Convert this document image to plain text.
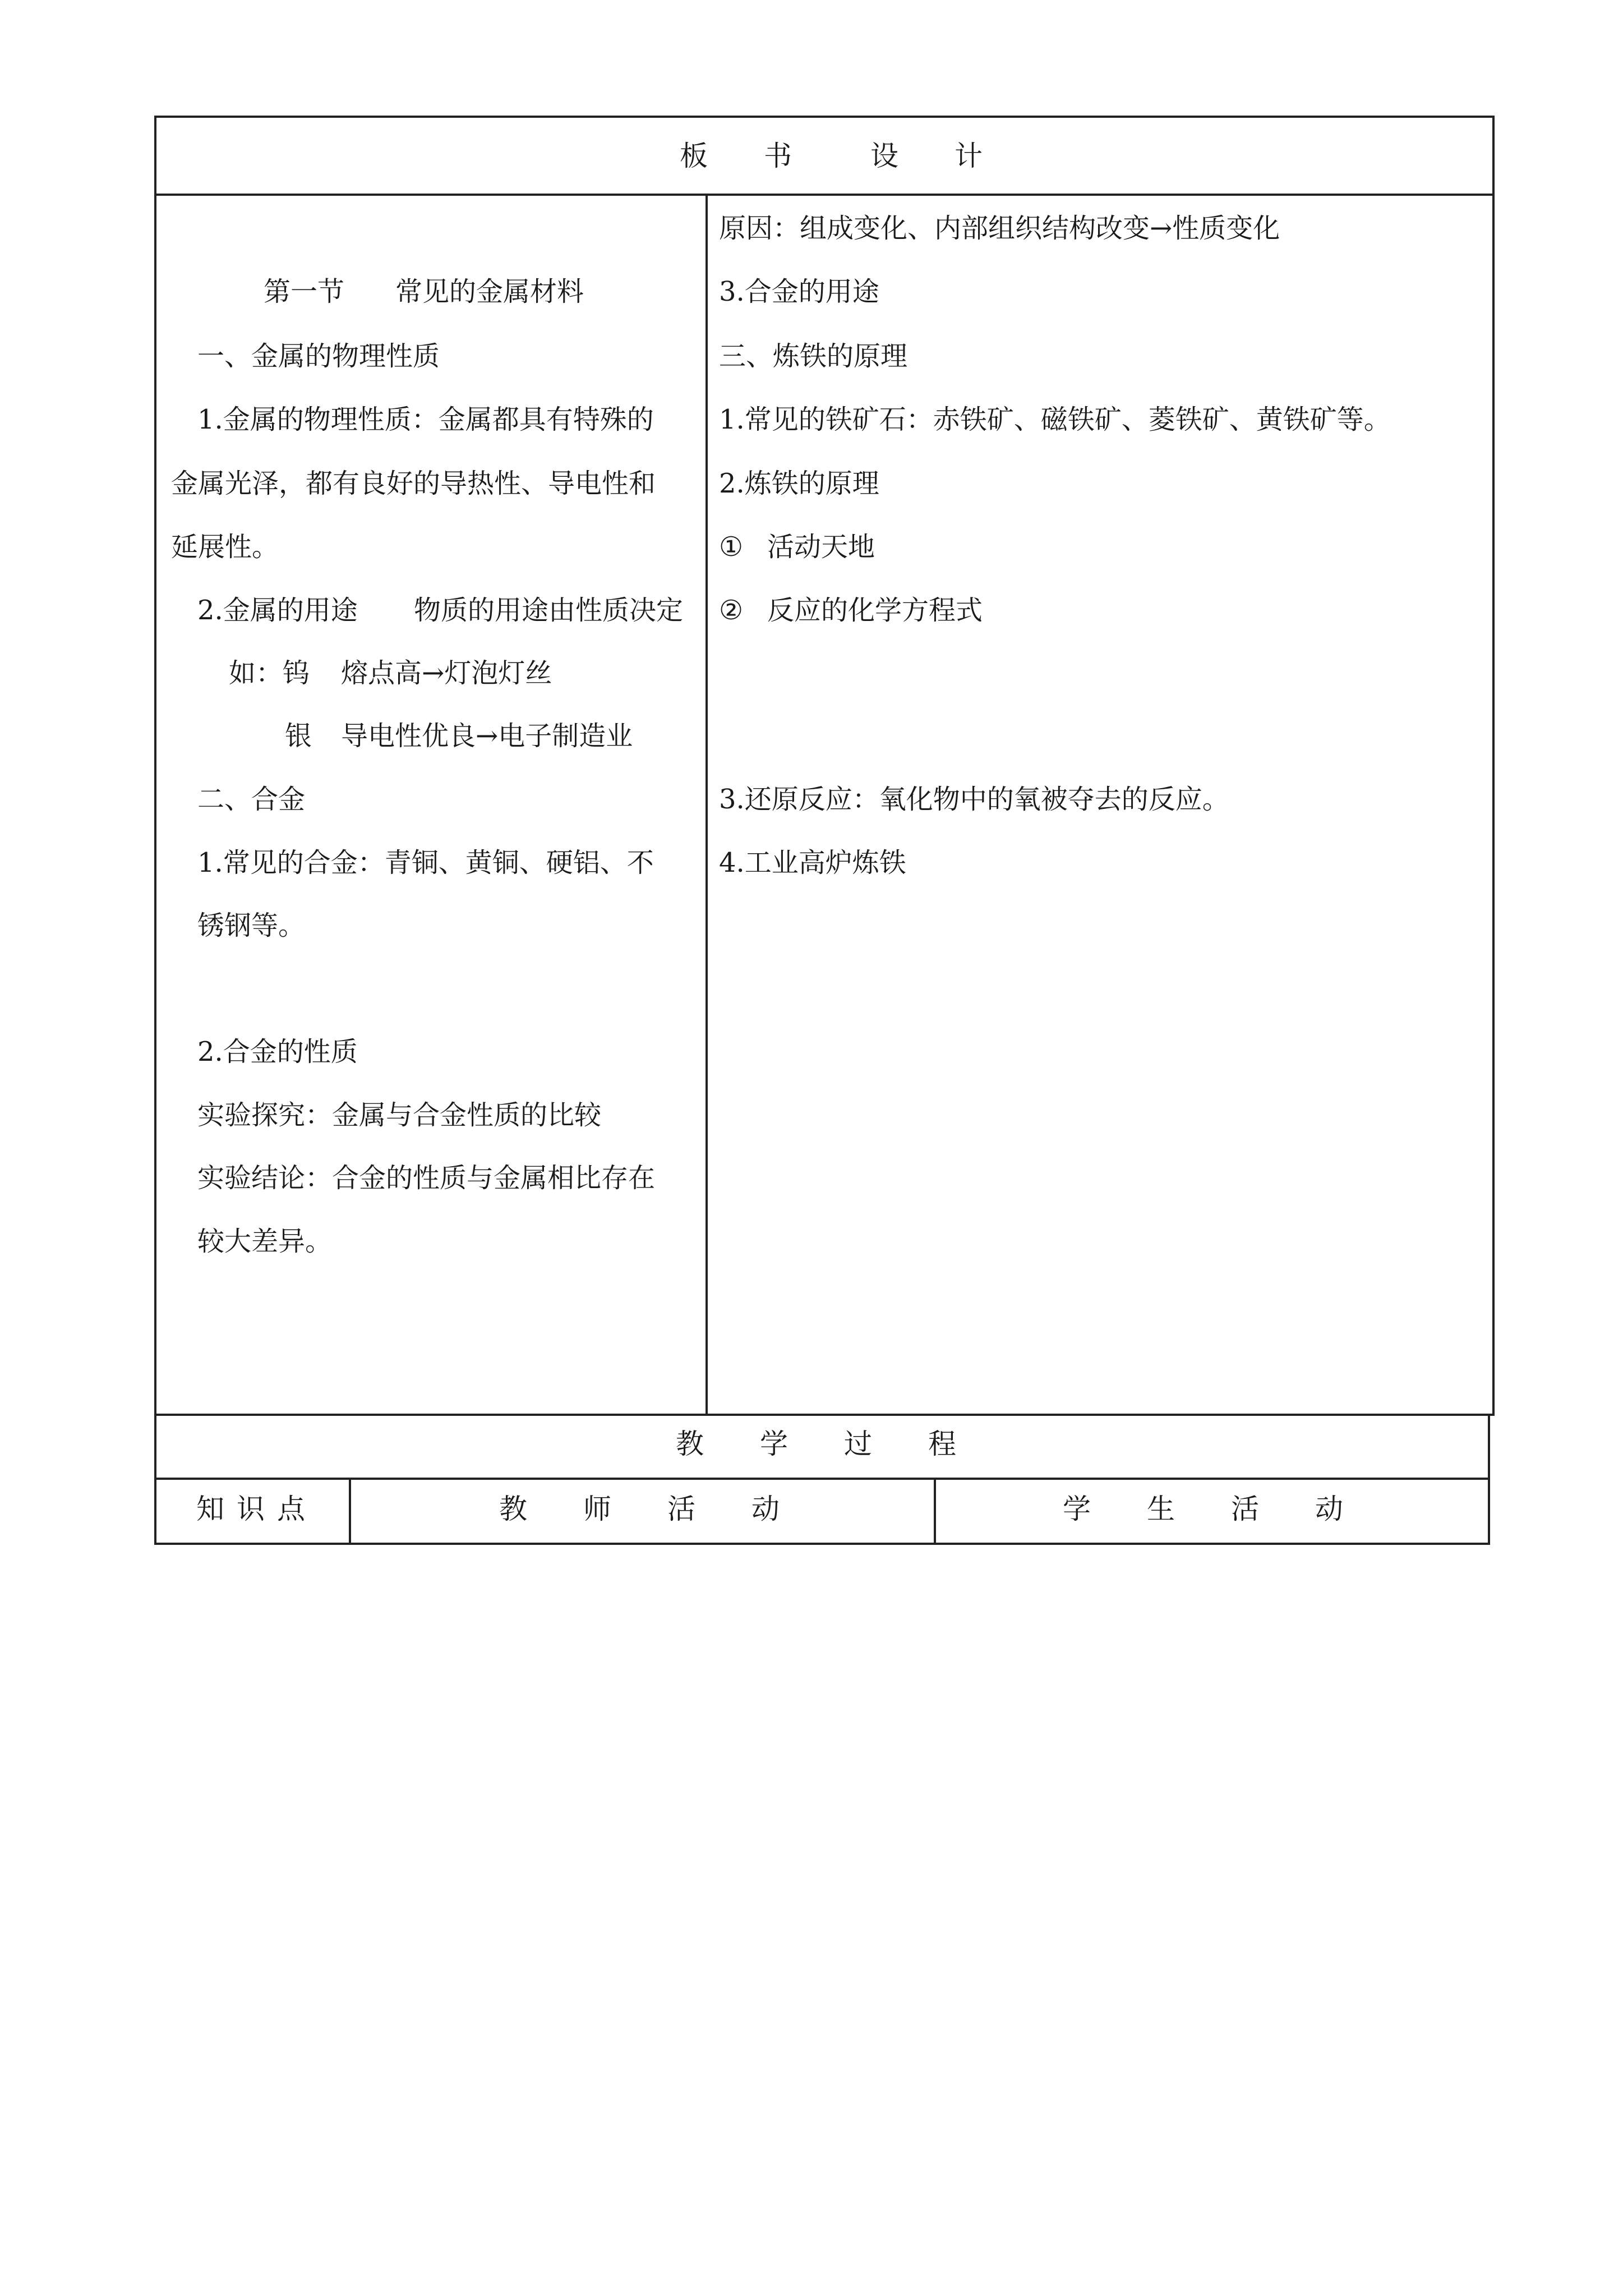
板 书	设 计
第一节 常见的金属材料
一、金属的物理性质
1.金属的物理性质：金属都具有特殊的
金属光泽，都有良好的导热性、导电性和
延展性。
2.金属的用途 物质的用途由性质决定
如：钨 熔点高→灯泡灯丝
银 导电性优良→电子制造业
二、合金
1.常见的合金：青铜、黄铜、硬铝、不
锈钢等。
2.合金的性质
实验探究：金属与合金性质的比较
实验结论：合金的性质与金属相比存在
较大差异。
原因：组成变化、内部组织结构改变→性质变化
3.合金的用途
三、炼铁的原理
1.常见的铁矿石：赤铁矿、磁铁矿、菱铁矿、黄铁矿等。
2.炼铁的原理
① 活动天地
② 反应的化学方程式
3.还原反应：氧化物中的氧被夺去的反应。
4.工业高炉炼铁
教 学 过 程
知 识 点	教 师 活 动	学 生 活 动
